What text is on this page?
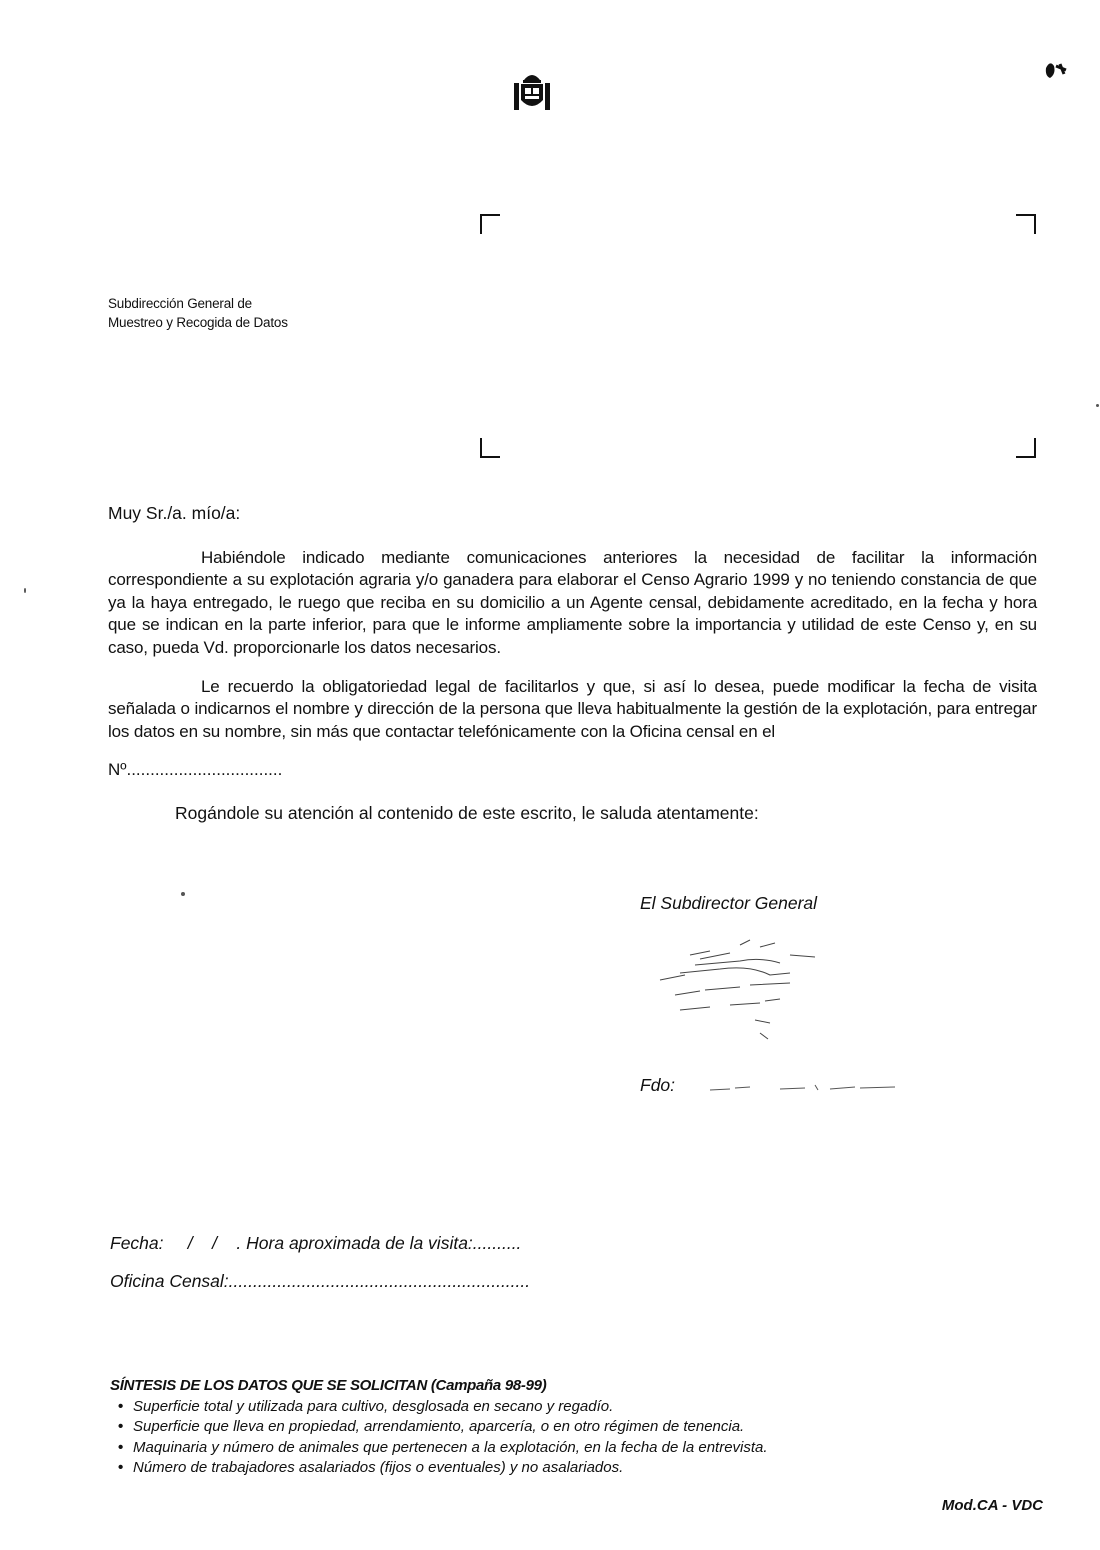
Subdirección General de
Muestreo y Recogida de Datos
Muy Sr./a. mío/a:
Habiéndole indicado mediante comunicaciones anteriores la necesidad de facilitar la información correspondiente a su explotación agraria y/o ganadera para elaborar el Censo Agrario 1999 y no teniendo constancia de que ya la haya entregado, le ruego que reciba en su domicilio a un Agente censal, debidamente acreditado, en la fecha y hora que se indican en la parte inferior, para que le informe ampliamente sobre la importancia y utilidad de este Censo y, en su caso, pueda Vd. proporcionarle los datos necesarios.
Le recuerdo la obligatoriedad legal de facilitarlos y que, si así lo desea, puede modificar la fecha de visita señalada o indicarnos el nombre y dirección de la persona que lleva habitualmente la gestión de la explotación, para entregar los datos en su nombre, sin más que contactar telefónicamente con la Oficina censal en el
Nº.................................
Rogándole su atención al contenido de este escrito, le saluda atentamente:
El Subdirector General
Fdo:
Fecha:     /    /    . Hora aproximada de la visita:..........
Oficina Censal:..............................................................
SÍNTESIS DE LOS DATOS QUE SE SOLICITAN (Campaña 98-99)
• Superficie total y utilizada para cultivo, desglosada en secano y regadío.
• Superficie que lleva en propiedad, arrendamiento, aparcería, o en otro régimen de tenencia.
• Maquinaria y número de animales que pertenecen a la explotación, en la fecha de la entrevista.
• Número de trabajadores asalariados (fijos o eventuales) y no asalariados.
Mod.CA - VDC
